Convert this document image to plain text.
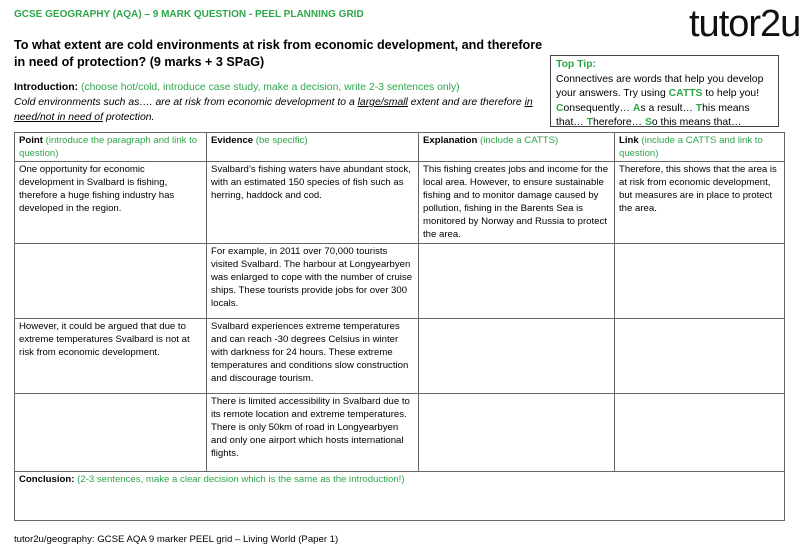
GCSE GEOGRAPHY (AQA) – 9 MARK QUESTION - PEEL PLANNING GRID	tutor2u
To what extent are cold environments at risk from economic development, and therefore in need of protection? (9 marks + 3 SPaG)
Introduction: (choose hot/cold, introduce case study, make a decision, write 2-3 sentences only)
Cold environments such as…. are at risk from economic development to a large/small extent and are therefore in need/not in need of protection.
Top Tip:
Connectives are words that help you develop your answers. Try using CATTS to help you!
Consequently… As a result… This means that… Therefore… So this means that…
Point (introduce the paragraph and link to question)	Evidence (be specific)	Explanation (include a CATTS)	Link (include a CATTS and link to question)
One opportunity for economic development in Svalbard is fishing, therefore a huge fishing industry has developed in the region.	Svalbard’s fishing waters have abundant stock, with an estimated 150 species of fish such as herring, haddock and cod.	This fishing creates jobs and income for the local area. However, to ensure sustainable fishing and to monitor damage caused by pollution, fishing in the Barents Sea is monitored by Norway and Russia to protect the area.	Therefore, this shows that the area is at risk from economic development, but measures are in place to protect the area.
	For example, in 2011 over 70,000 tourists visited Svalbard. The harbour at Longyearbyen was enlarged to cope with the number of cruise ships. These tourists provide jobs for over 300 locals.		
However, it could be argued that due to extreme temperatures Svalbard is not at risk from economic development.	Svalbard experiences extreme temperatures and can reach -30 degrees Celsius in winter with darkness for 24 hours. These extreme temperatures and conditions slow construction and discourage tourism.		
	There is limited accessibility in Svalbard due to its remote location and extreme temperatures. There is only 50km of road in Longyearbyen and only one airport which hosts international flights.		
Conclusion: (2-3 sentences, make a clear decision which is the same as the introduction!)			
tutor2u/geography: GCSE AQA 9 marker PEEL grid – Living World (Paper 1)
